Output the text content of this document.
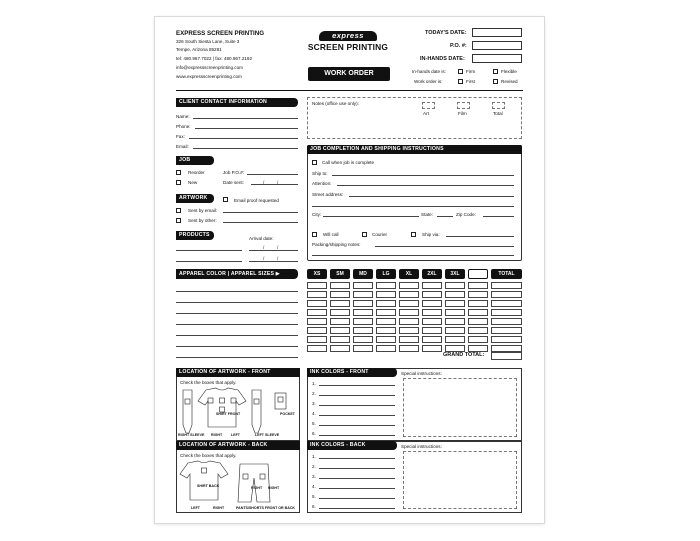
EXPRESS SCREEN PRINTING
326 South Siesta Lane, Suite 3
Tempe, Arizona 85281
tel: 480.967.7022 | fax: 480.967.2192
info@expressscreenprinting.com
www.expressscreenprinting.com
express
SCREEN PRINTING
WORK ORDER
TODAY'S DATE:
P.O. #:
IN-HANDS DATE:
In-hands date is:	Firm	Flexible
Work order is:	First	Revised
CLIENT CONTACT INFORMATION
Name:
Phone:
Fax:
Email:
Notes (office use only):
Art	Film	Total
JOB
Reorder
New
Job P.O.#:
Date sent:	/	/
ARTWORK	Email proof requested
Sent by email:
Sent by other:
PRODUCTS
Arrival date:
/	/
/	/
JOB COMPLETION AND SHIPPING INSTRUCTIONS
Call when job is complete
Ship to:
Attention:
Street address:
City:	State:	Zip Code:
Will call	Courier	Ship via:
Packing/shipping notes:
APPAREL COLOR | APPAREL SIZES ▶	XS	SM	MD	LG	XL	2XL	3XL	TOTAL
GRAND TOTAL:
LOCATION OF ARTWORK - FRONT
Check the boxes that apply.
SHIRT FRONT	POCKET
RIGHT SLEEVE RIGHT LEFT	LEFT SLEEVE
LOCATION OF ARTWORK - BACK
Check the boxes that apply.
SHIRT BACK	RIGHT RIGHT
LEFT	RIGHT	PANTS/SHORTS FRONT OR BACK
INK COLORS - FRONT	Special instructions:
1.
2.
3.
4.
5.
6.
INK COLORS - BACK	Special instructions:
1.
2.
3.
4.
5.
6.
